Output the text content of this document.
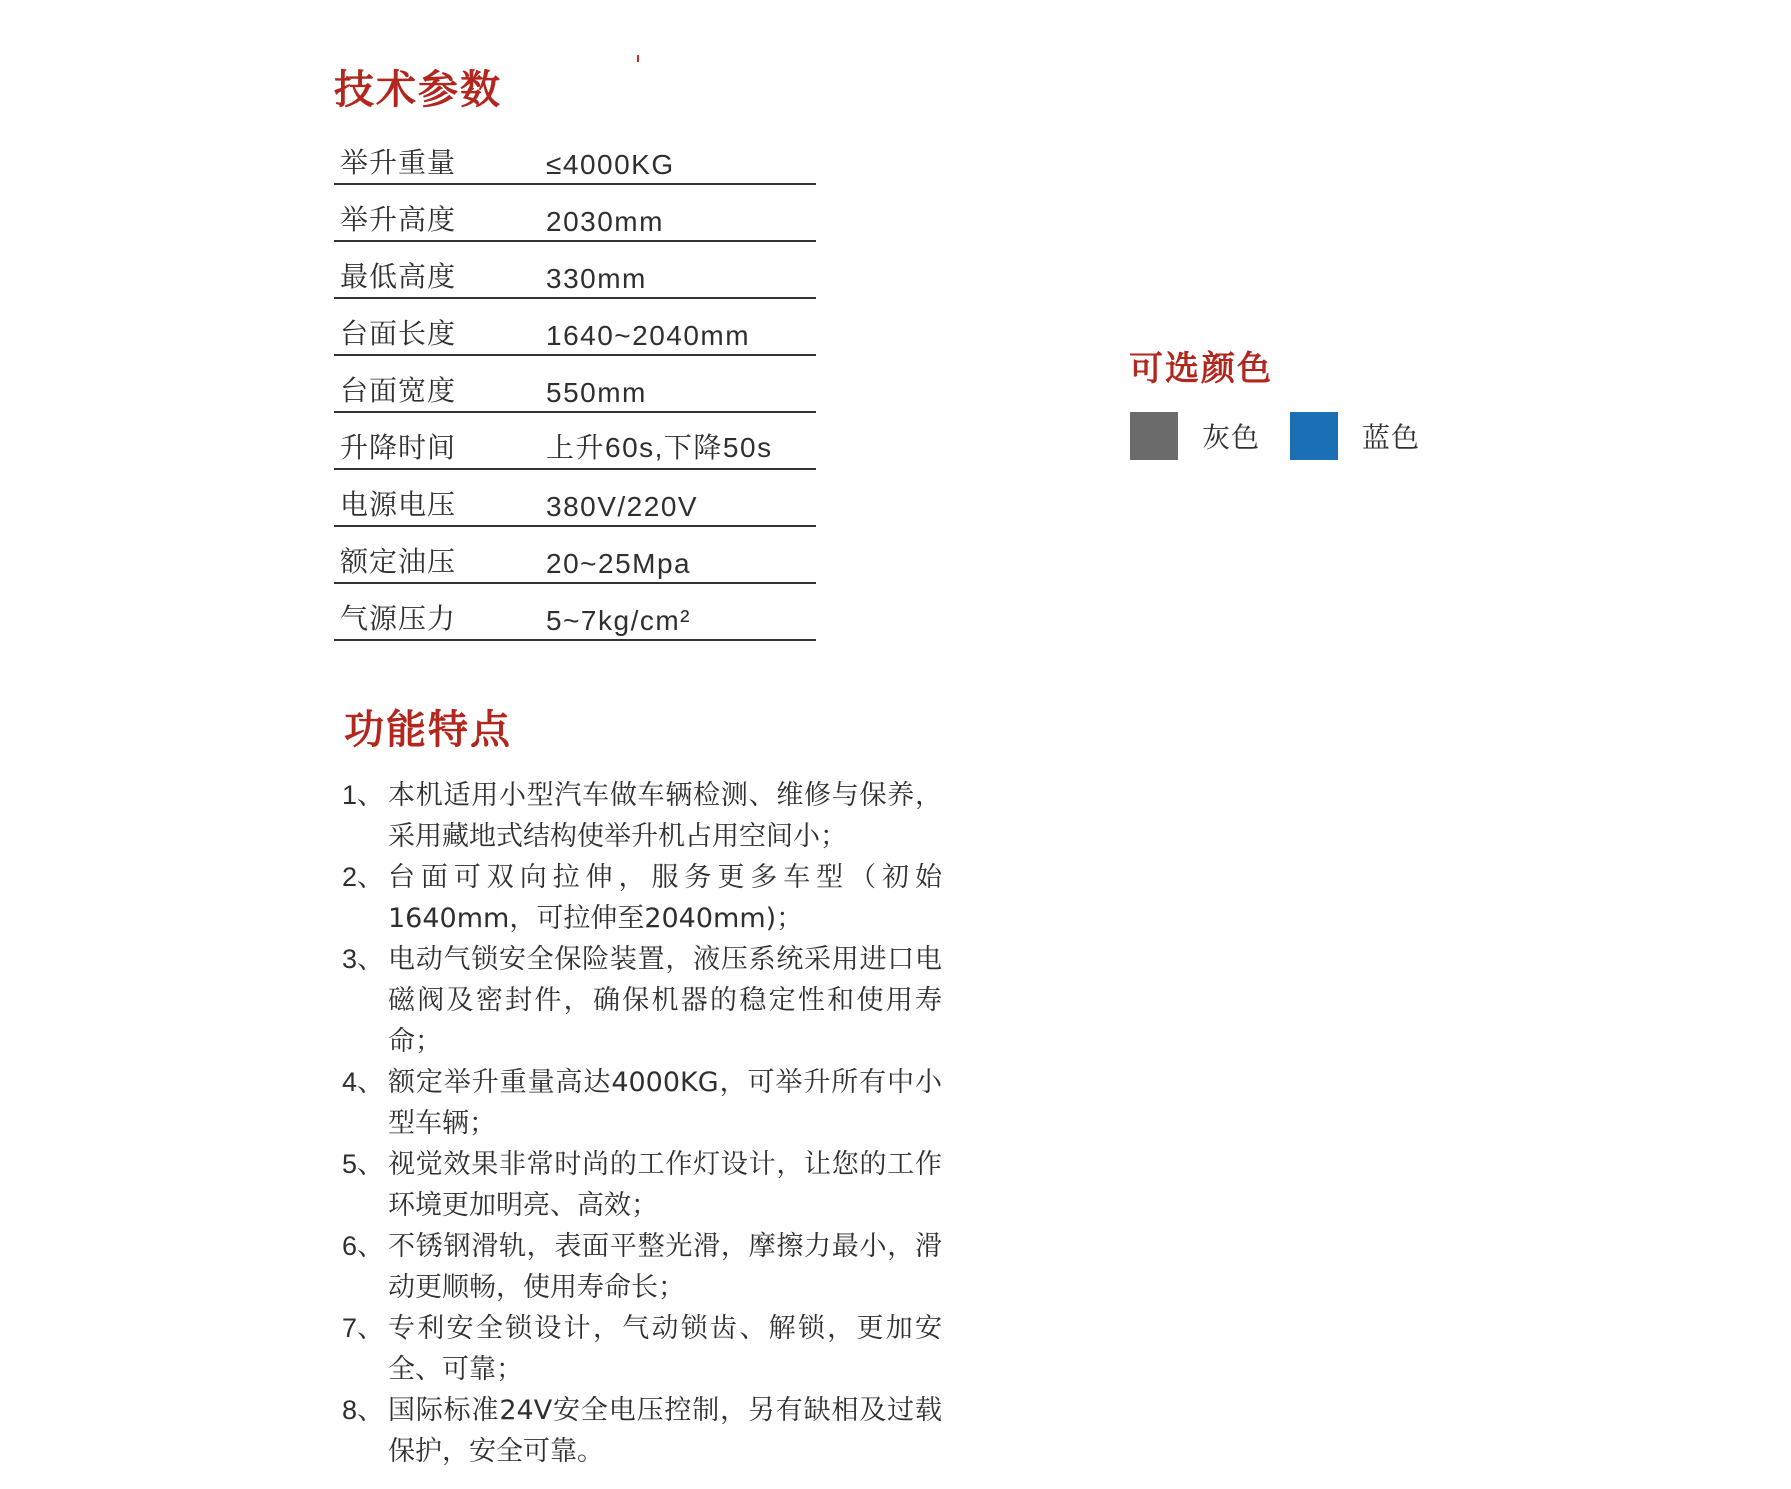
技术参数
举升重量	≤4000KG
举升高度	2030mm
最低高度	330mm
台面长度	1640~2040mm
台面宽度	550mm
升降时间	上升60s,下降50s
电源电压	380V/220V
额定油压	20~25Mpa
气源压力	5~7kg/cm²
功能特点
1、 本机适用小型汽车做车辆检测、维修与保养，采用藏地式结构使举升机占用空间小；
2、 台面可双向拉伸，服务更多车型（初始1640mm，可拉伸至2040mm)；
3、 电动气锁安全保险装置，液压系统采用进口电磁阀及密封件，确保机器的稳定性和使用寿命；
4、 额定举升重量高达4000KG，可举升所有中小型车辆；
5、 视觉效果非常时尚的工作灯设计，让您的工作环境更加明亮、高效；
6、 不锈钢滑轨，表面平整光滑，摩擦力最小，滑动更顺畅，使用寿命长；
7、 专利安全锁设计，气动锁齿、解锁，更加安全、可靠；
8、 国际标准24V安全电压控制，另有缺相及过载保护，安全可靠。
可选颜色
灰色	蓝色
